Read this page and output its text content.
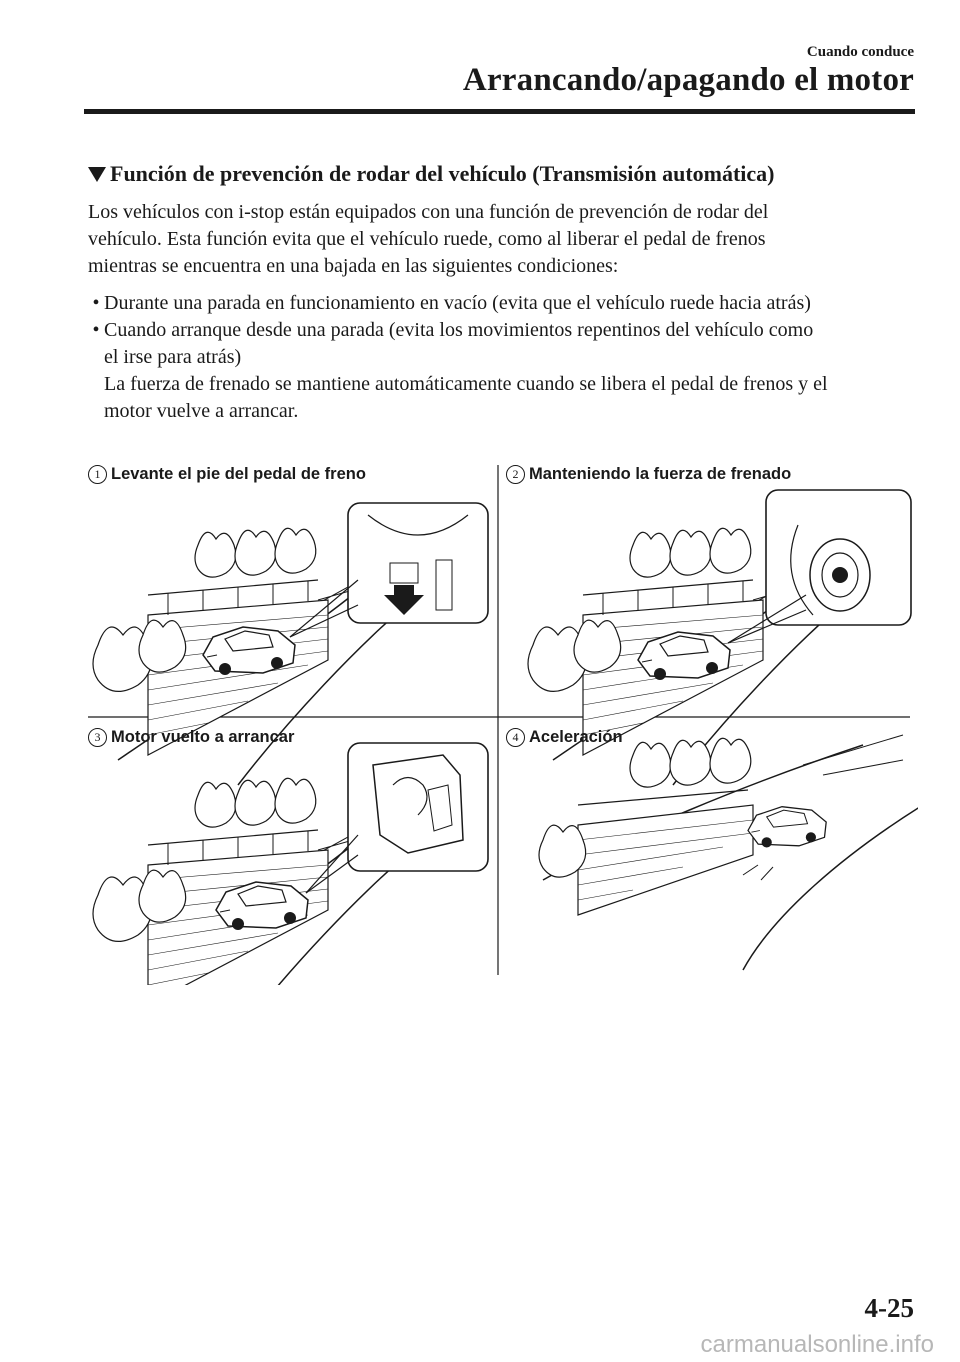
Cuando conduce
Arrancando/apagando el motor
Función de prevención de rodar del vehículo (Transmisión automática)

Los vehículos con i-stop están equipados con una función de prevención de rodar del

vehículo. Esta función evita que el vehículo ruede, como al liberar el pedal de frenos

mientras se encuentra en una bajada en las siguientes condiciones:

• Durante una parada en funcionamiento en vacío (evita que el vehículo ruede hacia atrás)

• Cuando arranque desde una parada (evita los movimientos repentinos del vehículo como

el irse para atrás)

La fuerza de frenado se mantiene automáticamente cuando se libera el pedal de frenos y el

motor vuelve a arrancar.

1 Levante el pie del pedal de freno	2 Manteniendo la fuerza de frenado
3 Motor vuelto a arrancar	4 Aceleración
4-25
carmanualsonline.info
